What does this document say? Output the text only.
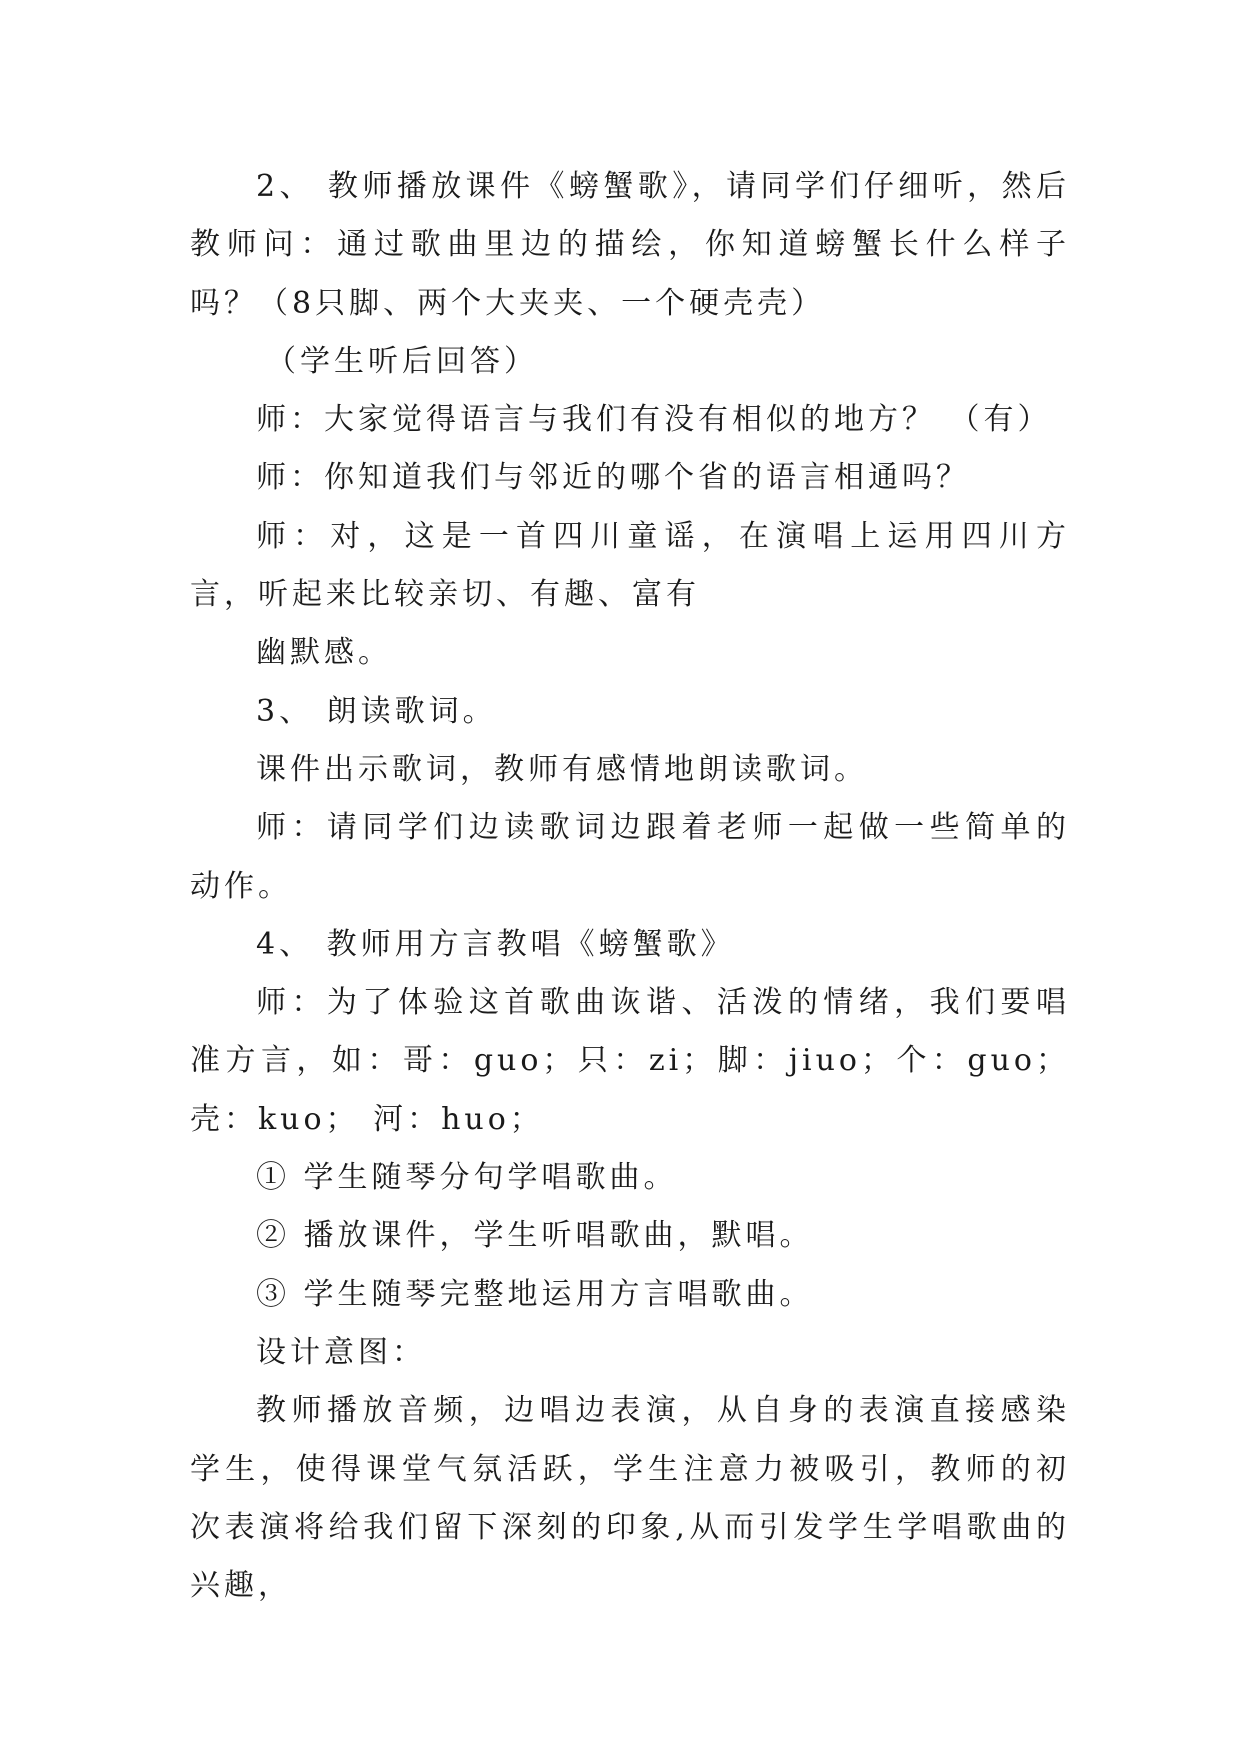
2、 教师播放课件《螃蟹歌》，请同学们仔细听，然后教师问：通过歌曲里边的描绘，你知道螃蟹长什么样子吗？（8只脚、两个大夹夹、一个硬壳壳）

（学生听后回答）

师：大家觉得语言与我们有没有相似的地方？ （有）

师：你知道我们与邻近的哪个省的语言相通吗？

师：对，这是一首四川童谣，在演唱上运用四川方言，听起来比较亲切、有趣、富有

幽默感。

3、 朗读歌词。

课件出示歌词，教师有感情地朗读歌词。

师：请同学们边读歌词边跟着老师一起做一些简单的动作。

4、 教师用方言教唱《螃蟹歌》

师：为了体验这首歌曲诙谐、活泼的情绪，我们要唱准方言，如：哥：guo；只：zi；脚：jiuo；个：guo； 壳：kuo； 河：huo；

① 学生随琴分句学唱歌曲。

② 播放课件，学生听唱歌曲，默唱。

③ 学生随琴完整地运用方言唱歌曲。

设计意图：

教师播放音频，边唱边表演，从自身的表演直接感染学生，使得课堂气氛活跃，学生注意力被吸引，教师的初次表演将给我们留下深刻的印象,从而引发学生学唱歌曲的兴趣，
